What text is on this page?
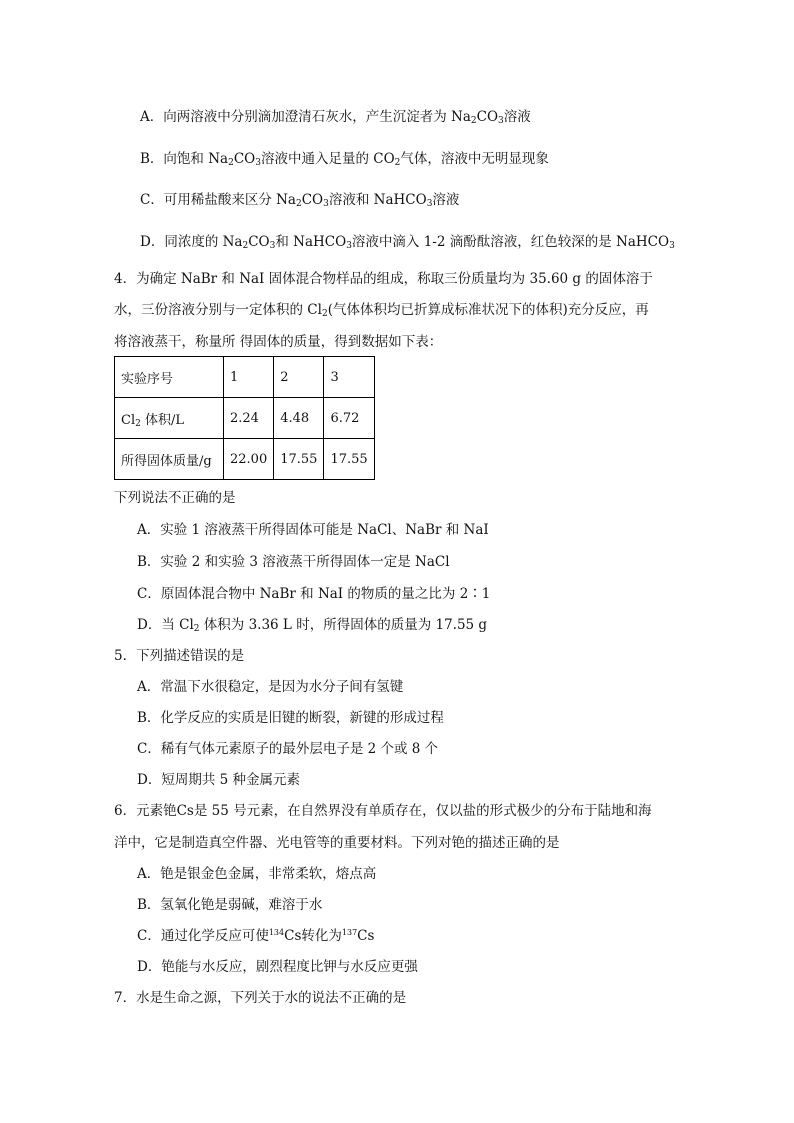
A．向两溶液中分别滴加澄清石灰水，产生沉淀者为 $Na_2CO_3$溶液
B．向饱和 $Na_2CO_3$溶液中通入足量的 $CO_2$气体，溶液中无明显现象
C．可用稀盐酸来区分 $Na_2CO_3$溶液和 NaHCO$_3$溶液
D．同浓度的 $Na_2CO_3$和 NaHCO$_3$溶液中滴入 1-2 滴酚酞溶液，红色较深的是 NaHCO$_3$
4．为确定 NaBr 和 NaI 固体混合物样品的组成，称取三份质量均为 35.60 g 的固体溶于
水，三份溶液分别与一定体积的 $Cl_2$(气体体积均已折算成标准状况下的体积)充分反应，再
将溶液蒸干，称量所 得固体的质量，得到数据如下表：
实验序号	1	2	3
$Cl_2$ 体积/L	2.24	4.48	6.72
所得固体质量/g	22.00	17.55	17.55
下列说法不正确的是
A．实验 1 溶液蒸干所得固体可能是 NaCl、NaBr 和 NaI
B．实验 2 和实验 3 溶液蒸干所得固体一定是 NaCl
C．原固体混合物中 NaBr 和 NaI 的物质的量之比为 2∶1
D．当 $Cl_2$ 体积为 3.36 L 时，所得固体的质量为 17.55 g
5．下列描述错误的是
A．常温下水很稳定，是因为水分子间有氢键
B．化学反应的实质是旧键的断裂，新键的形成过程
C．稀有气体元素原子的最外层电子是 2 个或 8 个
D．短周期共 5 种金属元素
6．元素铯Cs是 55 号元素，在自然界没有单质存在，仅以盐的形式极少的分布于陆地和海
洋中，它是制造真空件器、光电管等的重要材料。下列对铯的描述正确的是
A．铯是银金色金属，非常柔软，熔点高
B．氢氧化铯是弱碱，难溶于水
C．通过化学反应可使$^{134}$Cs转化为$^{137}$Cs
D．铯能与水反应，剧烈程度比钾与水反应更强
7．水是生命之源，下列关于水的说法不正确的是
